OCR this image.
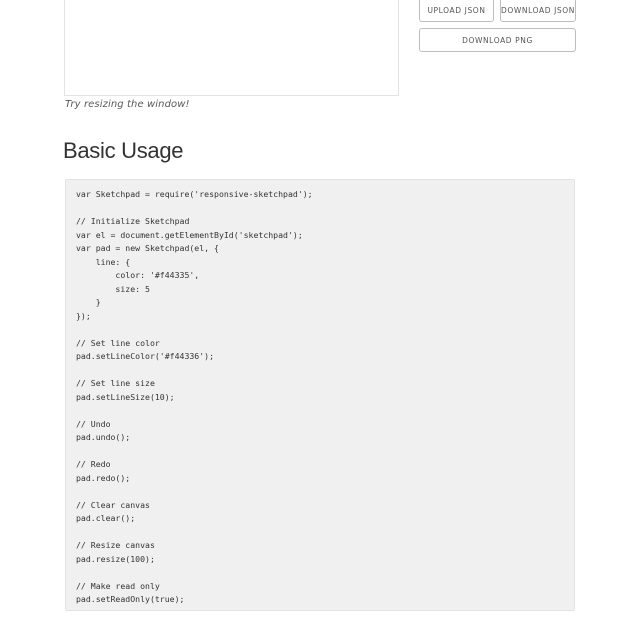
Try resizing the window!
UPLOAD JSON	DOWNLOAD JSON
DOWNLOAD PNG
Basic Usage
var Sketchpad = require('responsive-sketchpad');

// Initialize Sketchpad
var el = document.getElementById('sketchpad');
var pad = new Sketchpad(el, {
line: {
color: '#f44335',
size: 5
}
});

// Set line color
pad.setLineColor('#f44336');

// Set line size
pad.setLineSize(10);

// Undo
pad.undo();

// Redo
pad.redo();

// Clear canvas
pad.clear();

// Resize canvas
pad.resize(100);

// Make read only
pad.setReadOnly(true);
